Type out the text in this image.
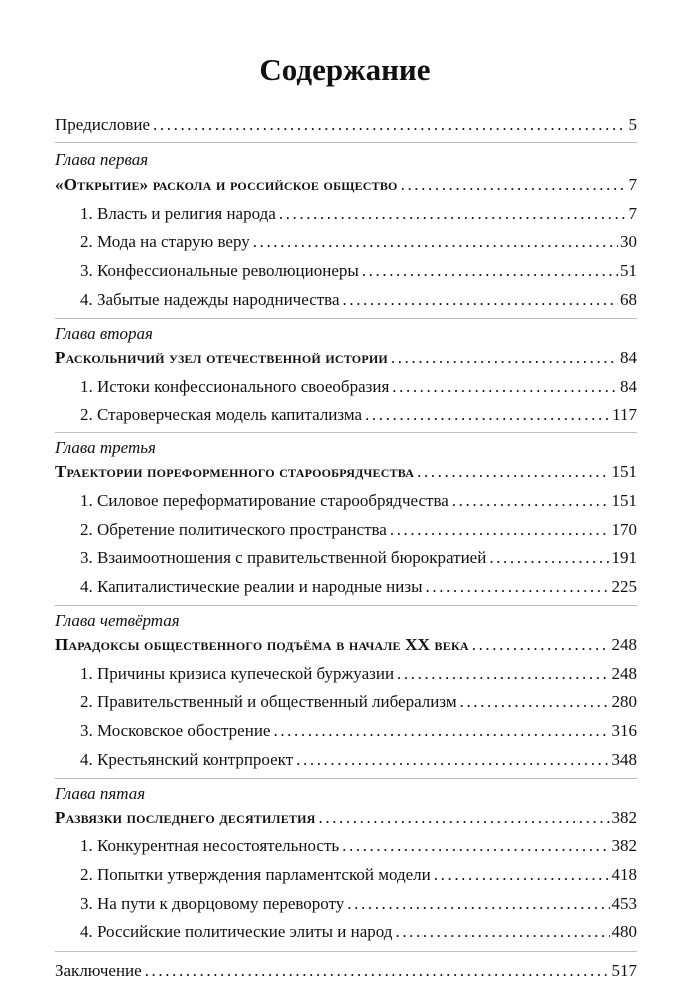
Содержание
Предисловие .....	5
Глава первая
«Открытие» раскола и российское общество .....	7
1. Власть и религия народа .....	7
2. Мода на старую веру .....	30
3. Конфессиональные революционеры .....	51
4. Забытые надежды народничества .....	68
Глава вторая
Раскольничий узел отечественной истории .....	84
1. Истоки конфессионального своеобразия .....	84
2. Староверческая модель капитализма .....	117
Глава третья
Траектории пореформенного старообрядчества .....	151
1. Силовое переформатирование старообрядчества .....	151
2. Обретение политического пространства .....	170
3. Взаимоотношения с правительственной бюрократией .....	191
4. Капиталистические реалии и народные низы .....	225
Глава четвёртая
Парадоксы общественного подъёма в начале XX века .....	248
1. Причины кризиса купеческой буржуазии .....	248
2. Правительственный и общественный либерализм .....	280
3. Московское обострение .....	316
4. Крестьянский контрпроект .....	348
Глава пятая
Развязки последнего десятилетия .....	382
1. Конкурентная несостоятельность .....	382
2. Попытки утверждения парламентской модели .....	418
3. На пути к дворцовому перевороту .....	453
4. Российские политические элиты и народ .....	480
Заключение .....	517
